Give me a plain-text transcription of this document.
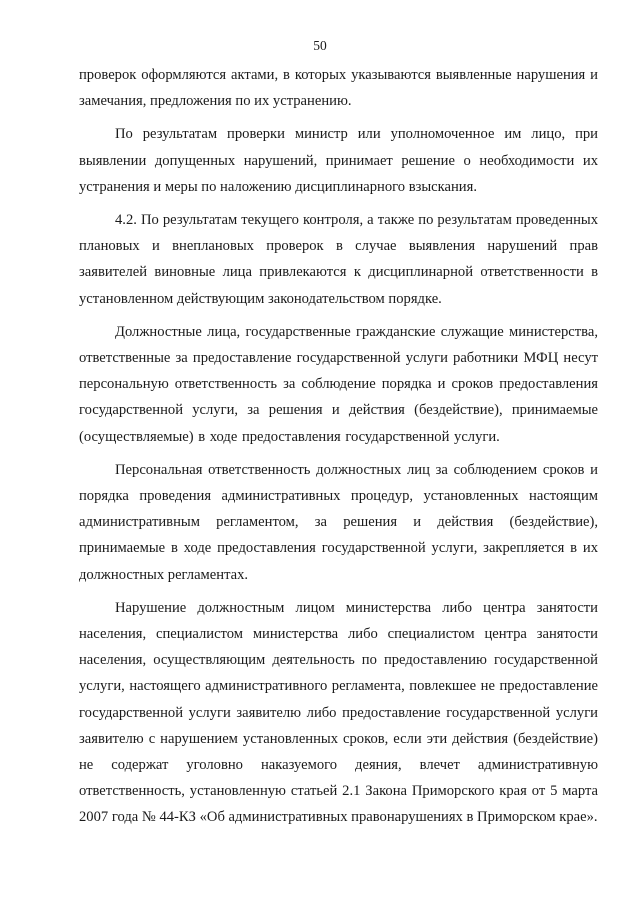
50

проверок оформляются актами, в которых указываются выявленные нарушения и замечания, предложения по их устранению.

По результатам проверки министр или уполномоченное им лицо, при выявлении допущенных нарушений, принимает решение о необходимости их устранения и меры по наложению дисциплинарного взыскания.

4.2. По результатам текущего контроля, а также по результатам проведенных плановых и внеплановых проверок в случае выявления нарушений прав заявителей виновные лица привлекаются к дисциплинарной ответственности в установленном действующим законодательством порядке.

Должностные лица, государственные гражданские служащие министерства, ответственные за предоставление государственной услуги работники МФЦ несут персональную ответственность за соблюдение порядка и сроков предоставления государственной услуги, за решения и действия (бездействие), принимаемые (осуществляемые) в ходе предоставления государственной услуги.

Персональная ответственность должностных лиц за соблюдением сроков и порядка проведения административных процедур, установленных настоящим административным регламентом, за решения и действия (бездействие), принимаемые в ходе предоставления государственной услуги, закрепляется в их должностных регламентах.

Нарушение должностным лицом министерства либо центра занятости населения, специалистом министерства либо специалистом центра занятости населения, осуществляющим деятельность по предоставлению государственной услуги, настоящего административного регламента, повлекшее не предоставление государственной услуги заявителю либо предоставление государственной услуги заявителю с нарушением установленных сроков, если эти действия (бездействие) не содержат уголовно наказуемого деяния, влечет административную ответственность, установленную статьей 2.1 Закона Приморского края от 5 марта 2007 года № 44-КЗ «Об административных правонарушениях в Приморском крае».
